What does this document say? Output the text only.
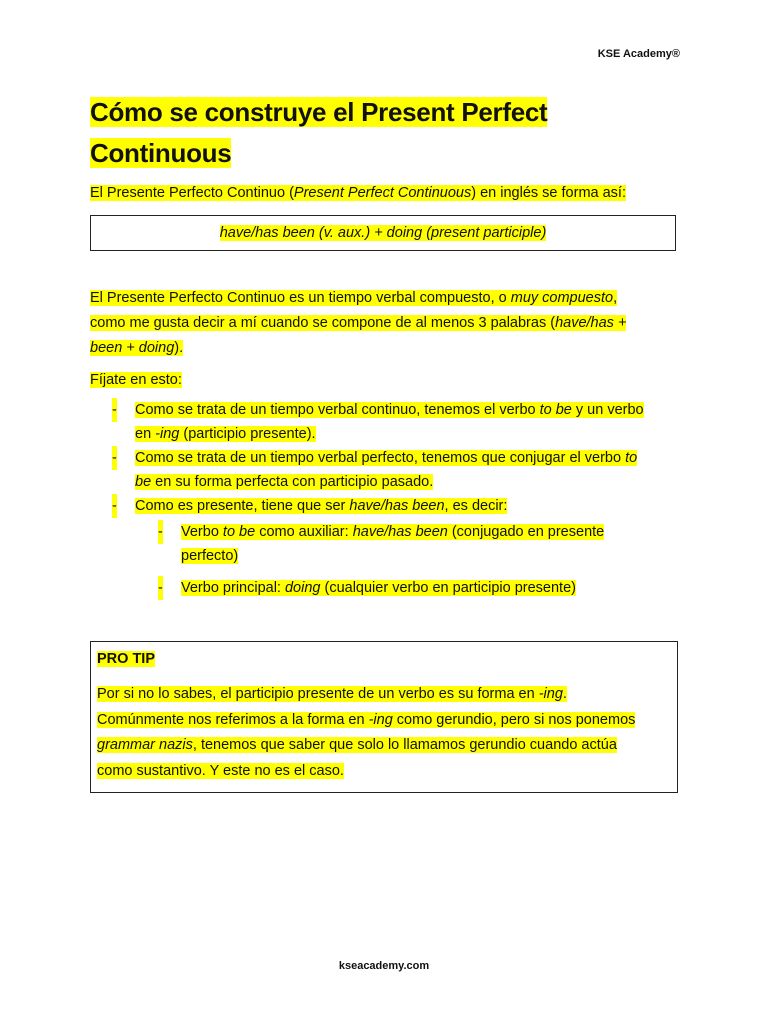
KSE Academy®
Cómo se construye el Present Perfect
Continuous

El Presente Perfecto Continuo (Present Perfect Continuous) en inglés se forma así:

have/has been (v. aux.) + doing (present participle)

El Presente Perfecto Continuo es un tiempo verbal compuesto, o muy compuesto,
como me gusta decir a mí cuando se compone de al menos 3 palabras (have/has +
been + doing).

Fíjate en esto:

- Como se trata de un tiempo verbal continuo, tenemos el verbo to be y un verbo
en -ing (participio presente).
- Como se trata de un tiempo verbal perfecto, tenemos que conjugar el verbo to
be en su forma perfecta con participio pasado.
- Como es presente, tiene que ser have/has been, es decir:
- Verbo to be como auxiliar: have/has been (conjugado en presente
perfecto)
- Verbo principal: doing (cualquier verbo en participio presente)
PRO TIP

Por si no lo sabes, el participio presente de un verbo es su forma en -ing.
Comúnmente nos referimos a la forma en -ing como gerundio, pero si nos ponemos
grammar nazis, tenemos que saber que solo lo llamamos gerundio cuando actúa
como sustantivo. Y este no es el caso.

kseacademy.com
